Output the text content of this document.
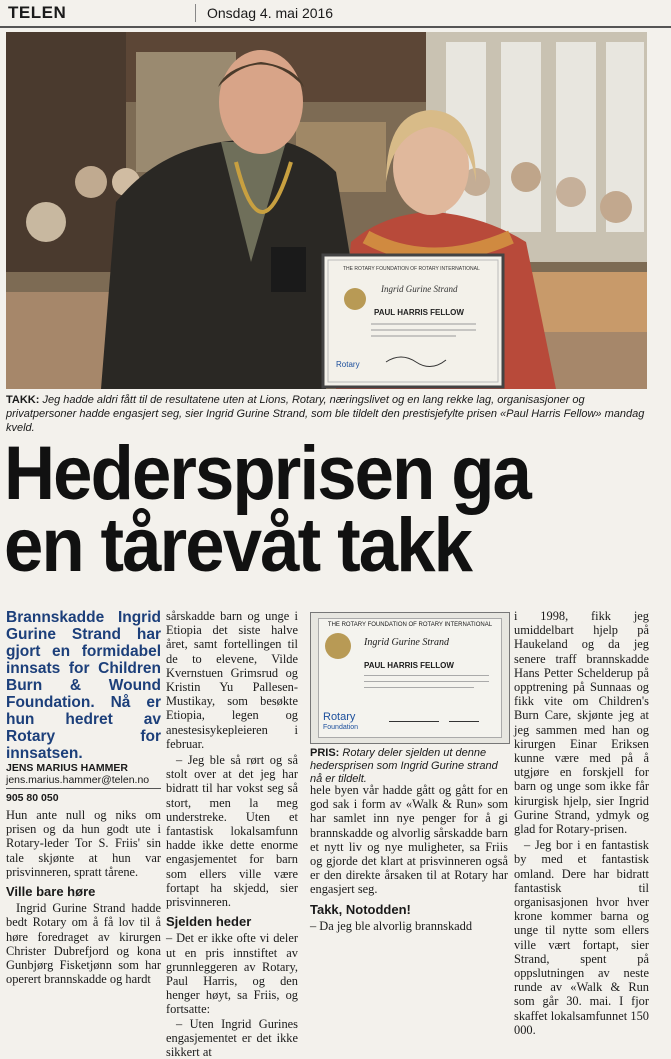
TELEN	Onsdag 4. mai 2016
THE ROTARY FOUNDATION OF ROTARY INTERNATIONAL
Ingrid Gurine Strand
PAUL HARRIS FELLOW
Rotary
TAKK: Jeg hadde aldri fått til de resultatene uten at Lions, Rotary, næringslivet og en lang rekke lag, organisasjoner og privatpersoner hadde engasjert seg, sier Ingrid Gurine Strand, som ble tildelt den prestisjefylte prisen «Paul Harris Fellow» mandag kveld.
Hedersprisen ga
en tårevåt takk

Brannskadde Ingrid Gurine Strand har gjort en formidabel innsats for Children Burn & Wound Foundation. Nå er hun hedret av Rotary for innsatsen.

JENS MARIUS HAMMER
jens.marius.hammer@telen.no
905 80 050

Hun ante null og niks om prisen og da hun godt ute i Rotary-leder Tor S. Friis' sin tale skjønte at hun var prisvinneren, spratt tårene.

Ville bare høre

Ingrid Gurine Strand hadde bedt Rotary om å få lov til å høre foredraget av kirurgen Christer Dubrefjord og kona Gunbjørg Fisketjønn som har operert brannskadde og hardt

sårskadde barn og unge i Etiopia det siste halve året, samt fortellingen til de to elevene, Vilde Kvernstuen Grimsrud og Kristin Yu Pallesen-Mustikay, som besøkte Etiopia, legen og anestesisykepleieren i februar.

– Jeg ble så rørt og så stolt over at det jeg har bidratt til har vokst seg så stort, men la meg understreke. Uten et fantastisk lokalsamfunn hadde ikke dette enorme engasjementet for barn som ellers ville være fortapt ha skjedd, sier prisvinneren.

Sjelden heder

– Det er ikke ofte vi deler ut en pris innstiftet av grunnleggeren av Rotary, Paul Harris, og den henger høyt, sa Friis, og fortsatte:

– Uten Ingrid Gurines engasjementet er det ikke sikkert at

THE ROTARY FOUNDATION OF ROTARY INTERNATIONAL
Ingrid Gurine Strand
PAUL HARRIS FELLOW
Rotary
Foundation
PRIS: Rotary deler sjelden ut denne hedersprisen som Ingrid Gurine strand nå er tildelt.

hele byen vår hadde gått og gått for en god sak i form av «Walk & Run» som har samlet inn nye penger for å gi brannskadde og alvorlig sårskadde barn et nytt liv og nye muligheter, sa Friis og gjorde det klart at prisvinneren også er den direkte årsaken til at Rotary har engasjert seg.

Takk, Notodden!

– Da jeg ble alvorlig brannskadd

i 1998, fikk jeg umiddelbart hjelp på Haukeland og da jeg senere traff brannskadde Hans Petter Schelderup på opptrening på Sunnaas og fikk vite om Children's Burn Care, skjønte jeg at jeg sammen med han og kirurgen Einar Eriksen kunne være med på å utgjøre en forskjell for barn og unge som ikke får kirurgisk hjelp, sier Ingrid Gurine Strand, ydmyk og glad for Rotary-prisen.

– Jeg bor i en fantastisk by med et fantastisk omland. Dere har bidratt fantastisk til organisasjonen hvor hver krone kommer barna og unge til nytte som ellers ville vært fortapt, sier Strand, spent på oppslutningen av neste runde av «Walk & Run som går 30. mai. I fjor skaffet lokalsamfunnet 150 000.
